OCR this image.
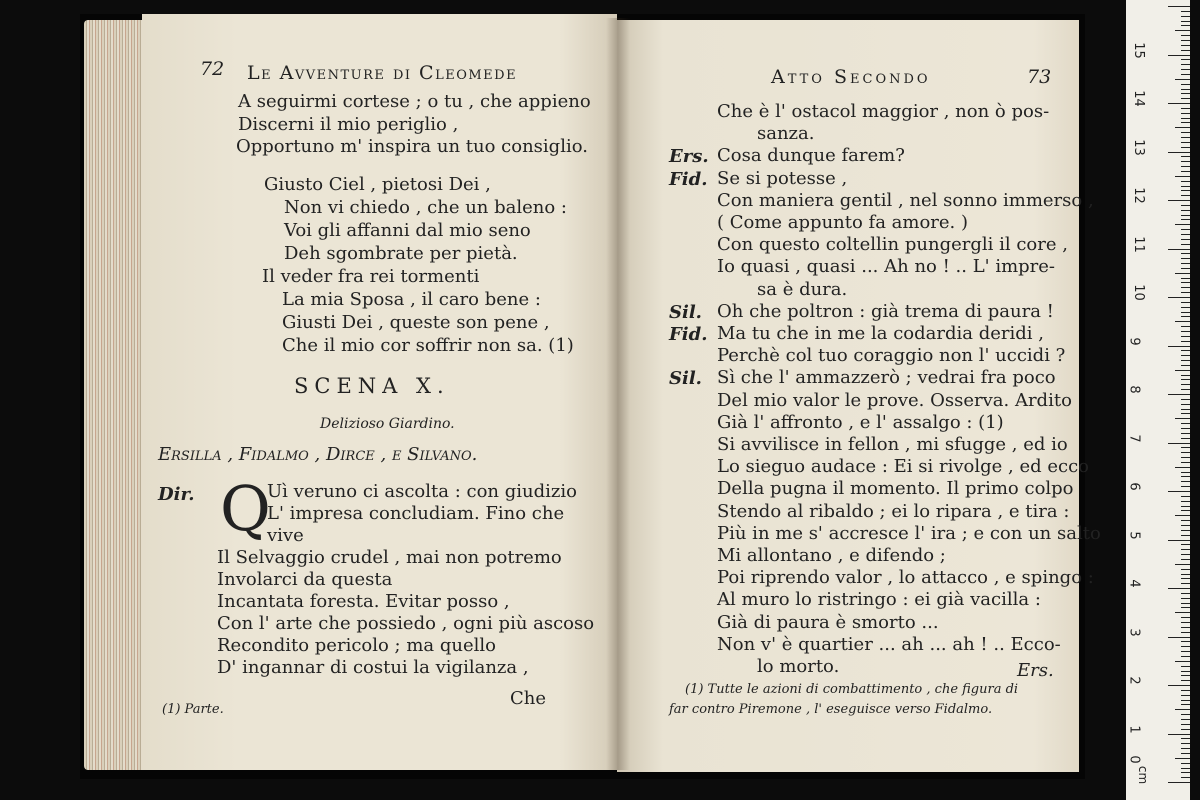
72 Le Avventure di Cleomede
A seguirmi cortese ; o tu , che appieno
Discerni il mio periglio ,
Opportuno m' inspira un tuo consiglio.
Giusto Ciel , pietosi Dei ,
Non vi chiedo , che un baleno :
Voi gli affanni dal mio seno
Deh sgombrate per pietà.
Il veder fra rei tormenti
La mia Sposa , il caro bene :
Giusti Dei , queste son pene ,
Che il mio cor soffrir non sa. (1)
SCENA X.
Delizioso Giardino.
Ersilla , Fidalmo , Dirce , e Silvano.
Dir. Q
Uì veruno ci ascolta : con giudizio
L' impresa concludiam. Fino che
vive
Il Selvaggio crudel , mai non potremo
Involarci da questa
Incantata foresta. Evitar posso ,
Con l' arte che possiedo , ogni più ascoso
Recondito pericolo ; ma quello
D' ingannar di costui la vigilanza ,
Che
(1) Parte.
Atto Secondo	73
Che è l' ostacol maggior , non ò pos-
sanza.
Ers. Cosa dunque farem?
Fid. Se si potesse ,
Con maniera gentil , nel sonno immerso ,
( Come appunto fa amore. )
Con questo coltellin pungergli il core ,
Io quasi , quasi ... Ah no ! .. L' impre-
sa è dura.
Sil. Oh che poltron : già trema di paura !
Fid. Ma tu che in me la codardia deridi ,
Perchè col tuo coraggio non l' uccidi ?
Sil. Sì che l' ammazzerò ; vedrai fra poco
Del mio valor le prove. Osserva. Ardito
Già l' affronto , e l' assalgo : (1)
Si avvilisce in fellon , mi sfugge , ed io
Lo sieguo audace : Ei si rivolge , ed ecco
Della pugna il momento. Il primo colpo
Stendo al ribaldo ; ei lo ripara , e tira :
Più in me s' accresce l' ira ; e con un salto
Mi allontano , e difendo ;
Poi riprendo valor , lo attacco , e spingo :
Al muro lo ristringo : ei già vacilla :
Già di paura è smorto ...
Non v' è quartier ... ah ... ah ! .. Ecco-
lo morto.	Ers.
(1) Tutte le azioni di combattimento , che figura di
far contro Piremone , l' eseguisce verso Fidalmo.
0
1
2
3
4
5
6
7
8
9
10
11
12
13
14
15
cm
